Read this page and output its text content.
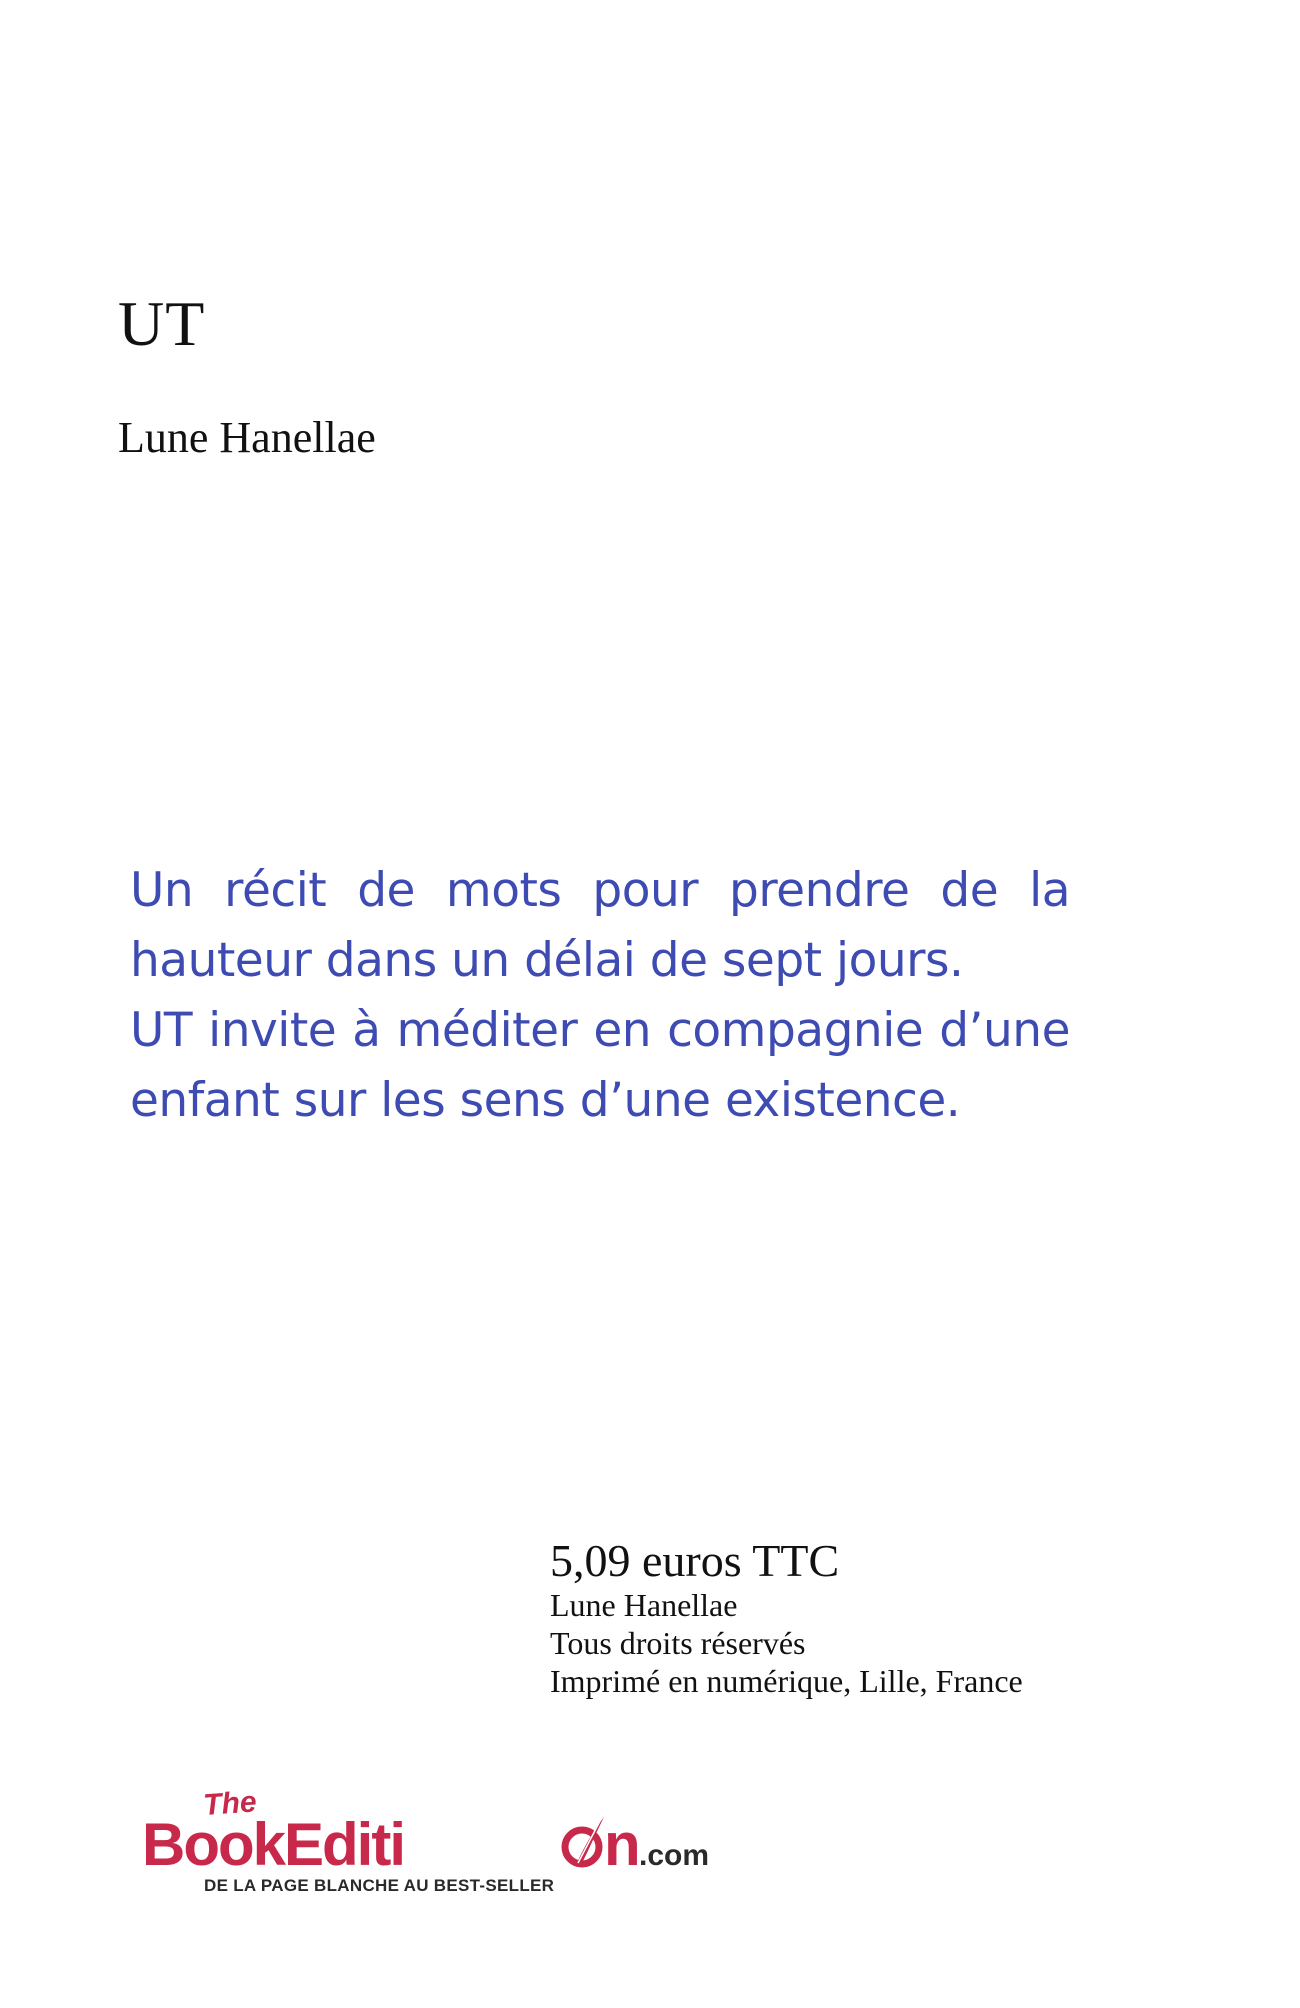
UT
Lune Hanellae
Un récit de mots pour prendre de la
hauteur dans un délai de sept jours.
UT invite à méditer en compagnie d’une
enfant sur les sens d’une existence.
5,09 euros TTC
Lune Hanellae
Tous droits réservés
Imprimé en numérique, Lille, France
The
BookEditi	n
.com
DE LA PAGE BLANCHE AU BEST-SELLER
